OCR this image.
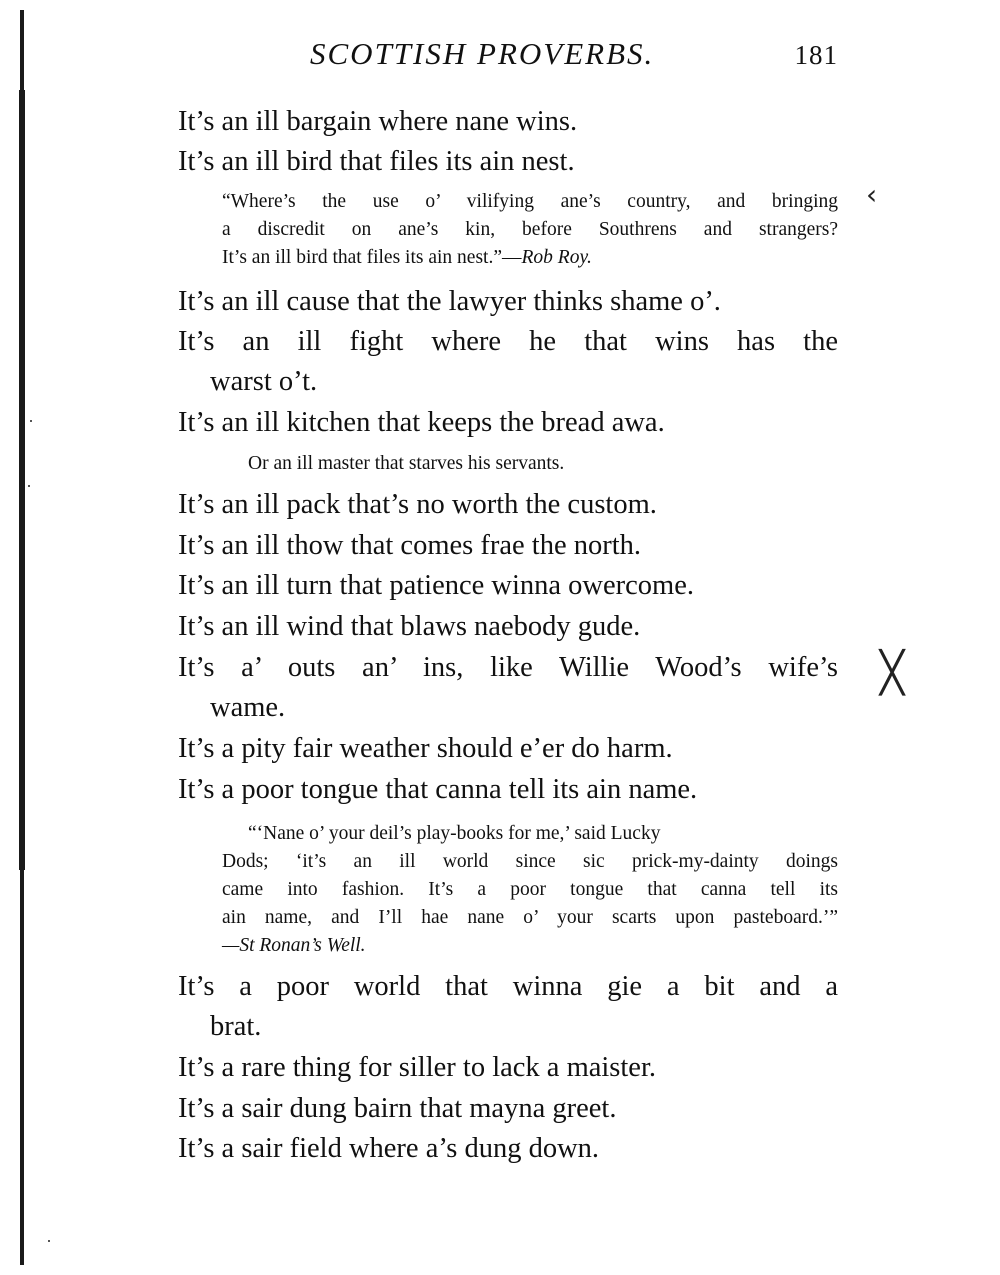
SCOTTISH PROVERBS.	181
It’s an ill bargain where nane wins.
It’s an ill bird that files its ain nest.
“Where’s the use o’ vilifying ane’s country, and bringing
a discredit on ane’s kin, before Southrens and strangers?
It’s an ill bird that files its ain nest.”—Rob Roy.
It’s an ill cause that the lawyer thinks shame o’.
It’s an ill fight where he that wins has the
warst o’t.
It’s an ill kitchen that keeps the bread awa.
Or an ill master that starves his servants.
It’s an ill pack that’s no worth the custom.
It’s an ill thow that comes frae the north.
It’s an ill turn that patience winna owercome.
It’s an ill wind that blaws naebody gude.
It’s a’ outs an’ ins, like Willie Wood’s wife’s
wame.
It’s a pity fair weather should e’er do harm.
It’s a poor tongue that canna tell its ain name.
“‘Nane o’ your deil’s play-books for me,’ said Lucky
Dods; ‘it’s an ill world since sic prick-my-dainty doings
came into fashion. It’s a poor tongue that canna tell its
ain name, and I’ll hae nane o’ your scarts upon pasteboard.’”
—St Ronan’s Well.
It’s a poor world that winna gie a bit and a
brat.
It’s a rare thing for siller to lack a maister.
It’s a sair dung bairn that mayna greet.
It’s a sair field where a’s dung down.
‹
╳
